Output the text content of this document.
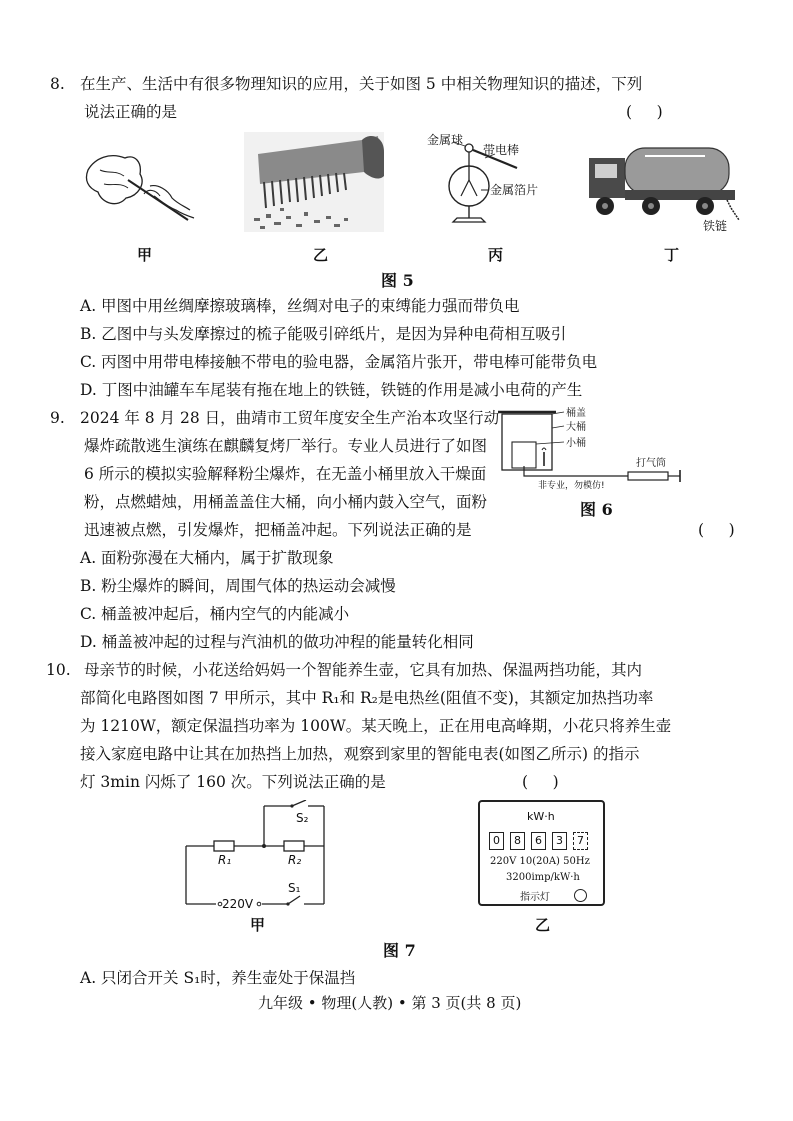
8. 在生产、生活中有很多物理知识的应用，关于如图 5 中相关物理知识的描述，下列
说法正确的是	(     )
金属球
带电棒
金属箔片
铁链
甲	乙	丙	丁
图 5
A. 甲图中用丝绸摩擦玻璃棒，丝绸对电子的束缚能力强而带负电
B. 乙图中与头发摩擦过的梳子能吸引碎纸片，是因为异种电荷相互吸引
C. 丙图中用带电棒接触不带电的验电器，金属箔片张开，带电棒可能带负电
D. 丁图中油罐车车尾装有拖在地上的铁链，铁链的作用是减小电荷的产生
9. 2024 年 8 月 28 日，曲靖市工贸年度安全生产治本攻坚行动
爆炸疏散逃生演练在麒麟复烤厂举行。专业人员进行了如图
6 所示的模拟实验解释粉尘爆炸，在无盖小桶里放入干燥面
粉，点燃蜡烛，用桶盖盖住大桶，向小桶内鼓入空气，面粉
迅速被点燃，引发爆炸，把桶盖冲起。下列说法正确的是	(     )
桶盖
大桶
小桶
打气筒
非专业，勿模仿!
图 6
A. 面粉弥漫在大桶内，属于扩散现象
B. 粉尘爆炸的瞬间，周围气体的热运动会减慢
C. 桶盖被冲起后，桶内空气的内能减小
D. 桶盖被冲起的过程与汽油机的做功冲程的能量转化相同
10. 母亲节的时候，小花送给妈妈一个智能养生壶，它具有加热、保温两挡功能，其内
部简化电路图如图 7 甲所示，其中 R₁和 R₂是电热丝(阻值不变)，其额定加热挡功率
为 1210W，额定保温挡功率为 100W。某天晚上，正在用电高峰期，小花只将养生壶
接入家庭电路中让其在加热挡上加热，观察到家里的智能电表(如图乙所示) 的指示
灯 3min 闪烁了 160 次。下列说法正确的是	(     )
S₂
R₁	R₂
220V
S₁
kW·h
0	8	6	3	7
220V 10(20A) 50Hz
3200imp/kW·h
指示灯
甲	乙
图 7
A. 只闭合开关 S₁时，养生壶处于保温挡
九年级 • 物理(人教) • 第 3 页(共 8 页)
